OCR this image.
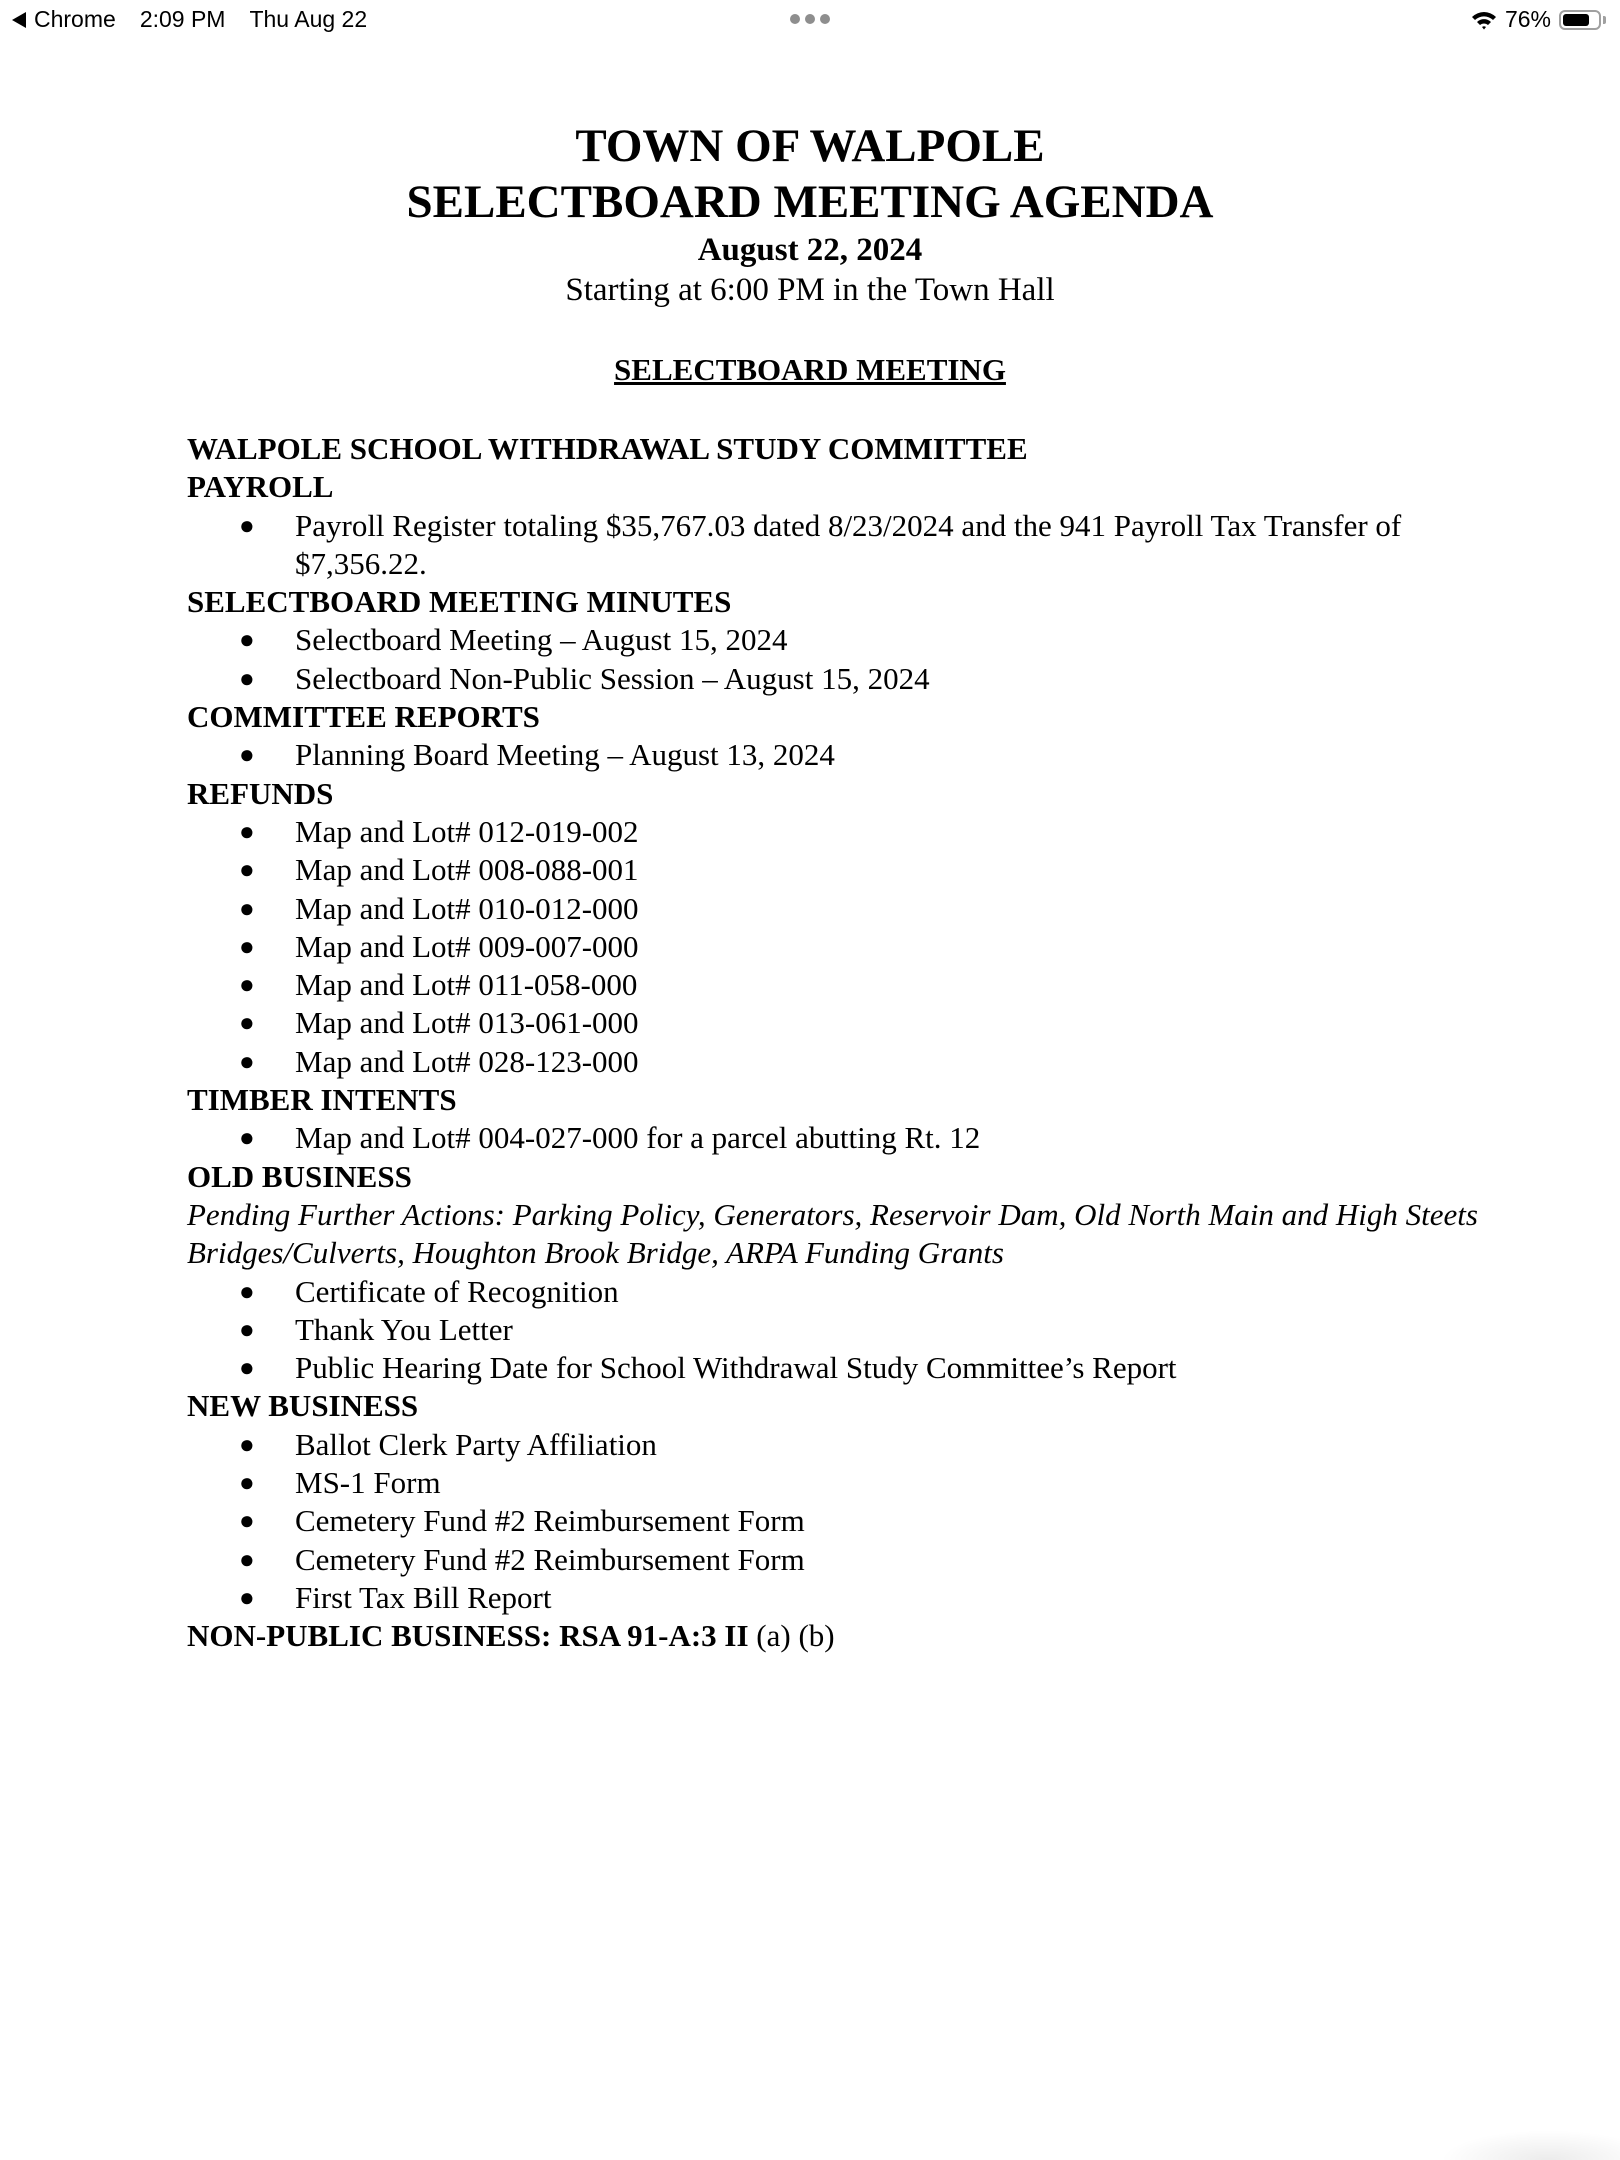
Chrome 2:09 PM Thu Aug 22	76%
TOWN OF WALPOLE
SELECTBOARD MEETING AGENDA
August 22, 2024
Starting at 6:00 PM in the Town Hall
SELECTBOARD MEETING
WALPOLE SCHOOL WITHDRAWAL STUDY COMMITTEE
PAYROLL
● Payroll Register totaling $35,767.03 dated 8/23/2024 and the 941 Payroll Tax Transfer of $7,356.22.
SELECTBOARD MEETING MINUTES
● Selectboard Meeting – August 15, 2024
● Selectboard Non-Public Session – August 15, 2024
COMMITTEE REPORTS
● Planning Board Meeting – August 13, 2024
REFUNDS
● Map and Lot# 012-019-002
● Map and Lot# 008-088-001
● Map and Lot# 010-012-000
● Map and Lot# 009-007-000
● Map and Lot# 011-058-000
● Map and Lot# 013-061-000
● Map and Lot# 028-123-000
TIMBER INTENTS
● Map and Lot# 004-027-000 for a parcel abutting Rt. 12
OLD BUSINESS
Pending Further Actions: Parking Policy, Generators, Reservoir Dam, Old North Main and High Steets Bridges/Culverts, Houghton Brook Bridge, ARPA Funding Grants
● Certificate of Recognition
● Thank You Letter
● Public Hearing Date for School Withdrawal Study Committee’s Report
NEW BUSINESS
● Ballot Clerk Party Affiliation
● MS-1 Form
● Cemetery Fund #2 Reimbursement Form
● Cemetery Fund #2 Reimbursement Form
● First Tax Bill Report
NON-PUBLIC BUSINESS: RSA 91-A:3 II (a) (b)
